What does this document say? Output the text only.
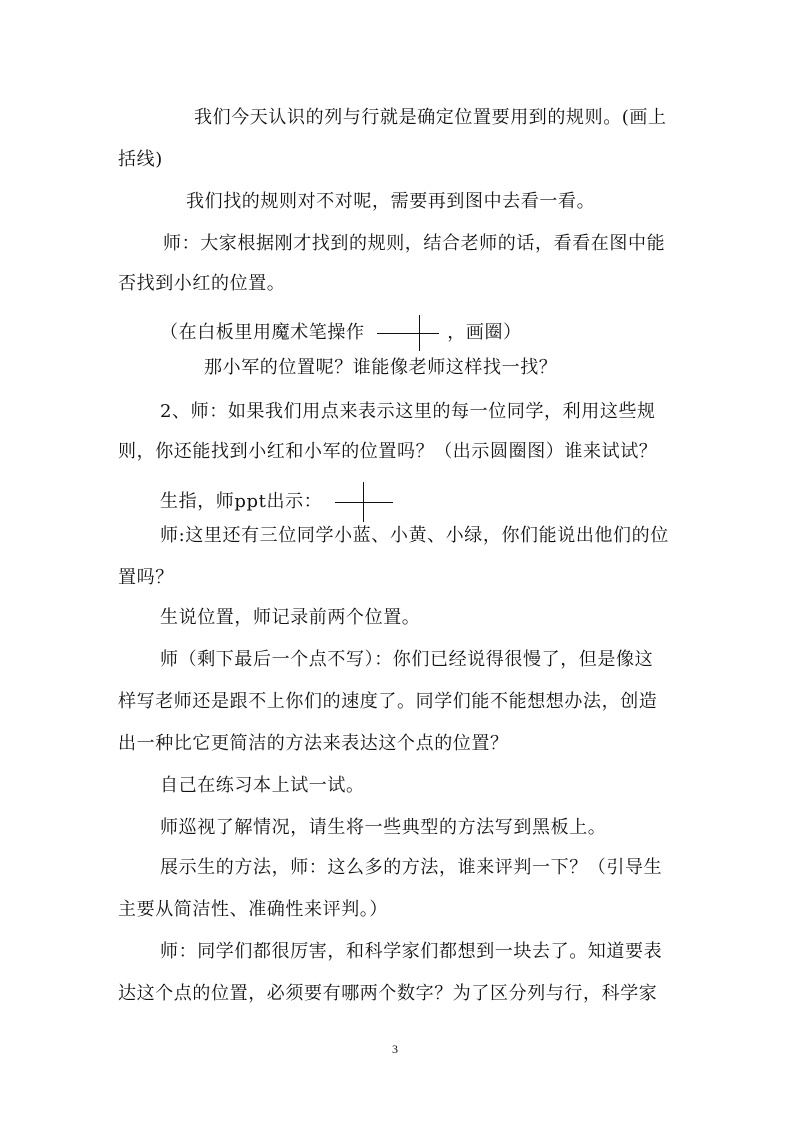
我们今天认识的列与行就是确定位置要用到的规则。(画上
括线)
我们找的规则对不对呢，需要再到图中去看一看。
师：大家根据刚才找到的规则，结合老师的话，看看在图中能
否找到小红的位置。
（在白板里用魔术笔操作	，画圈）
那小军的位置呢？谁能像老师这样找一找？
2、师：如果我们用点来表示这里的每一位同学，利用这些规
则，你还能找到小红和小军的位置吗？（出示圆圈图）谁来试试？
生指，师ppt出示：
师:这里还有三位同学小蓝、小黄、小绿，你们能说出他们的位
置吗？
生说位置，师记录前两个位置。
师（剩下最后一个点不写）：你们已经说得很慢了，但是像这
样写老师还是跟不上你们的速度了。同学们能不能想想办法，创造
出一种比它更简洁的方法来表达这个点的位置？
自己在练习本上试一试。
师巡视了解情况，请生将一些典型的方法写到黑板上。
展示生的方法，师：这么多的方法，谁来评判一下？（引导生
主要从简洁性、准确性来评判。）
师：同学们都很厉害，和科学家们都想到一块去了。知道要表
达这个点的位置，必须要有哪两个数字？为了区分列与行，科学家
3
